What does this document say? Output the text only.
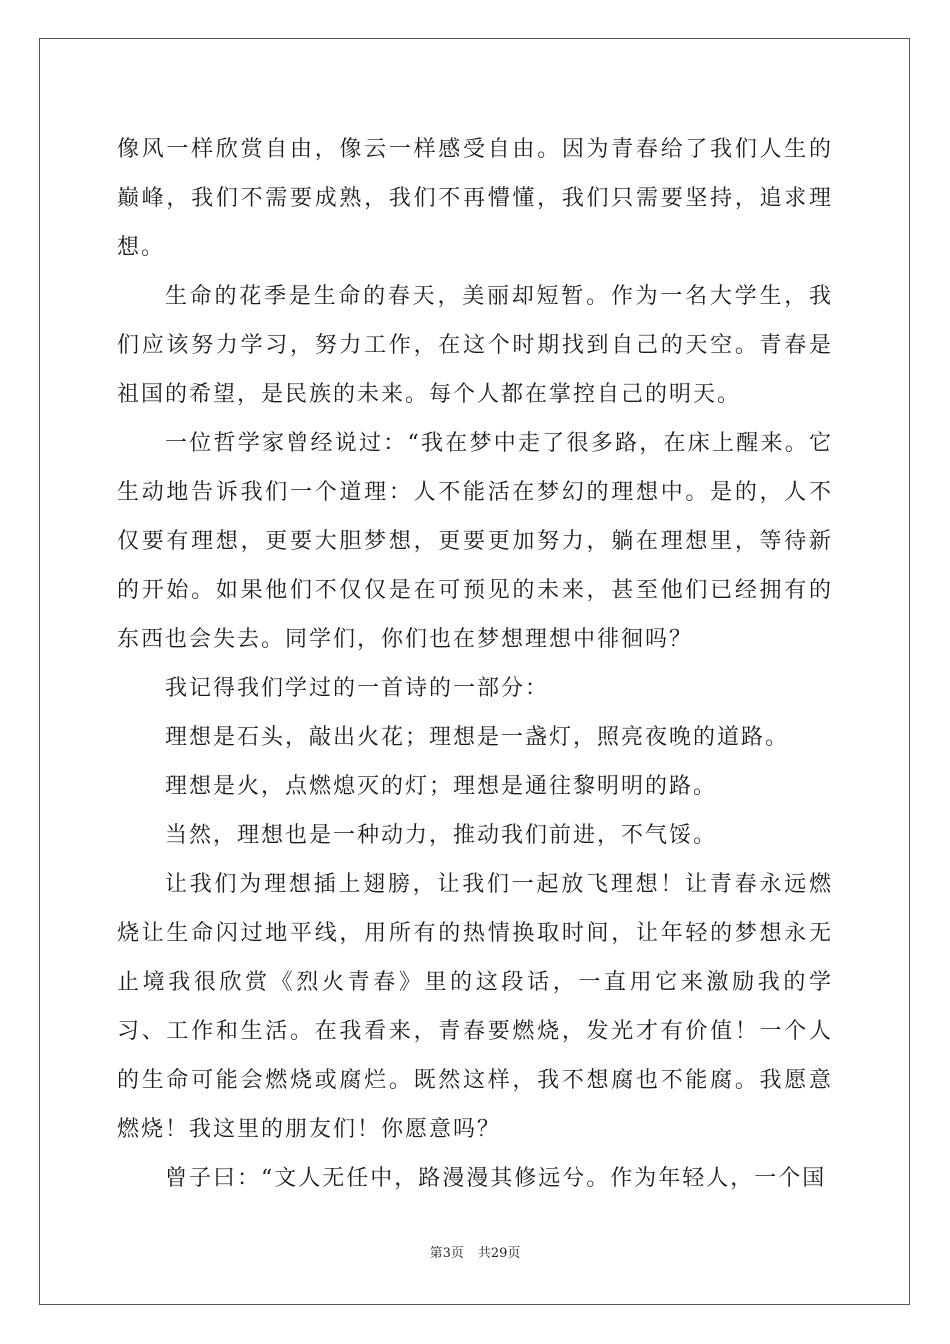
像风一样欣赏自由，像云一样感受自由。因为青春给了我们人生的巅峰，我们不需要成熟，我们不再懵懂，我们只需要坚持，追求理想。

生命的花季是生命的春天，美丽却短暂。作为一名大学生，我们应该努力学习，努力工作，在这个时期找到自己的天空。青春是祖国的希望，是民族的未来。每个人都在掌控自己的明天。

一位哲学家曾经说过：“我在梦中走了很多路，在床上醒来。它生动地告诉我们一个道理：人不能活在梦幻的理想中。是的，人不仅要有理想，更要大胆梦想，更要更加努力，躺在理想里，等待新的开始。如果他们不仅仅是在可预见的未来，甚至他们已经拥有的东西也会失去。同学们，你们也在梦想理想中徘徊吗？

我记得我们学过的一首诗的一部分：

理想是石头，敲出火花；理想是一盏灯，照亮夜晚的道路。

理想是火，点燃熄灭的灯；理想是通往黎明明的路。

当然，理想也是一种动力，推动我们前进，不气馁。

让我们为理想插上翅膀，让我们一起放飞理想！让青春永远燃烧让生命闪过地平线，用所有的热情换取时间，让年轻的梦想永无止境我很欣赏《烈火青春》里的这段话，一直用它来激励我的学习、工作和生活。在我看来，青春要燃烧，发光才有价值！一个人的生命可能会燃烧或腐烂。既然这样，我不想腐也不能腐。我愿意燃烧！我这里的朋友们！你愿意吗？

曾子曰：“文人无任中，路漫漫其修远兮。作为年轻人，一个国

第3页 共29页
